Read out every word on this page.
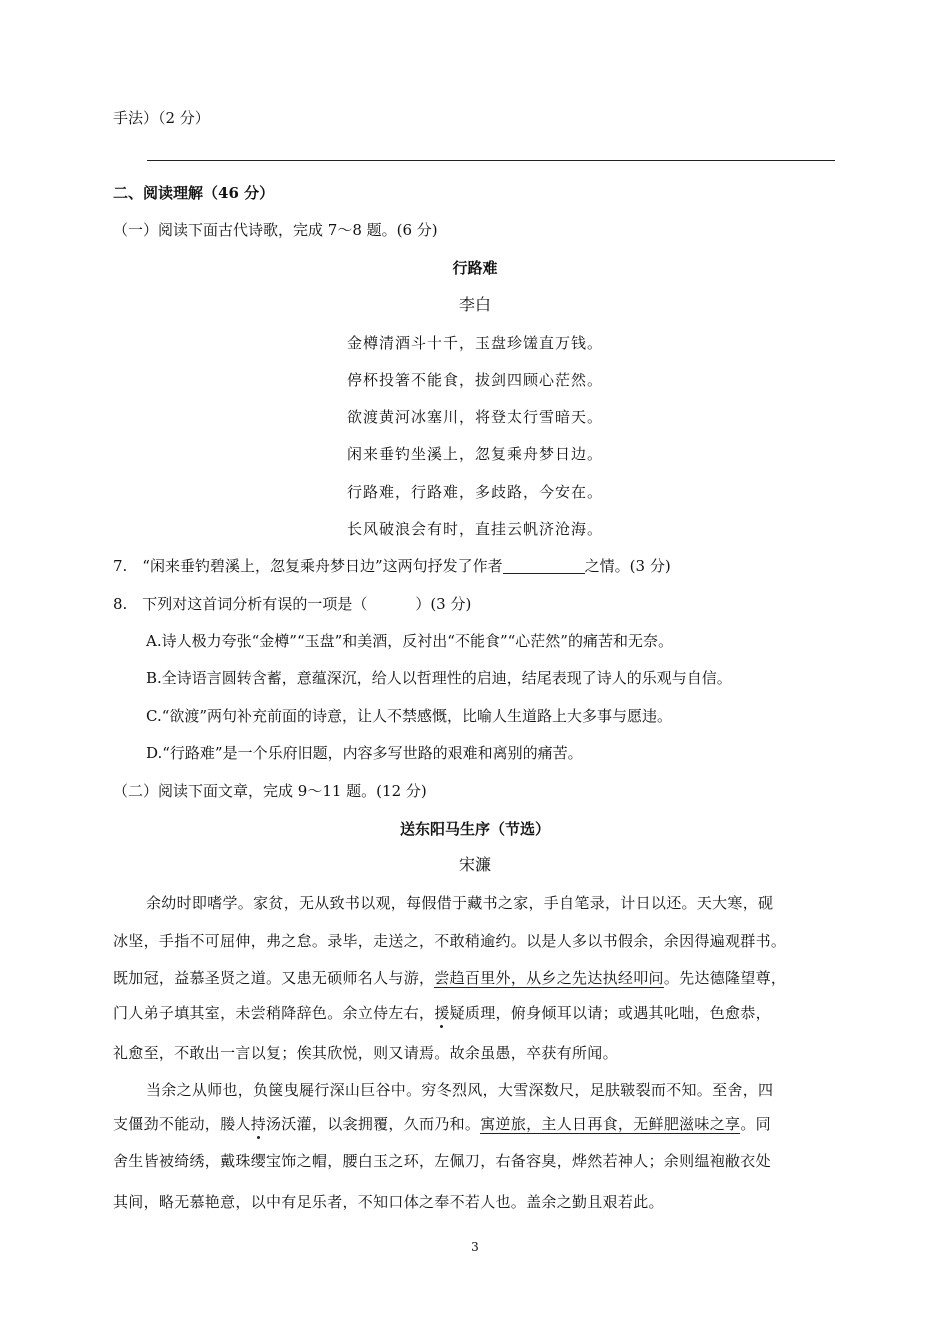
手法）（2 分）
二、阅读理解（46 分）
（一）阅读下面古代诗歌，完成 7～8 题。(6 分)
行路难
李白
金樽清酒斗十千，玉盘珍馐直万钱。
停杯投箸不能食，拔剑四顾心茫然。
欲渡黄河冰塞川，将登太行雪暗天。
闲来垂钓坐溪上，忽复乘舟梦日边。
行路难，行路难，多歧路，今安在。
长风破浪会有时，直挂云帆济沧海。
7.　“闲来垂钓碧溪上，忽复乘舟梦日边”这两句抒发了作者	之情。(3 分)
8.　下列对这首词分析有误的一项是（	）(3 分)
A.诗人极力夸张“金樽”“玉盘”和美酒，反衬出“不能食”“心茫然”的痛苦和无奈。
B.全诗语言圆转含蓄，意蕴深沉，给人以哲理性的启迪，结尾表现了诗人的乐观与自信。
C.“欲渡”两句补充前面的诗意，让人不禁感慨，比喻人生道路上大多事与愿违。
D.“行路难”是一个乐府旧题，内容多写世路的艰难和离别的痛苦。
（二）阅读下面文章，完成 9～11 题。(12 分)
送东阳马生序（节选）
宋濂
余幼时即嗜学。家贫，无从致书以观，每假借于藏书之家，手自笔录，计日以还。天大寒，砚
冰坚，手指不可屈伸，弗之怠。录毕，走送之，不敢稍逾约。以是人多以书假余，余因得遍观群书。
既加冠，益慕圣贤之道。又患无硕师名人与游，尝趋百里外，从乡之先达执经叩问。先达德隆望尊，
门人弟子填其室，未尝稍降辞色。余立侍左右，援疑质理，俯身倾耳以请；或遇其叱咄，色愈恭，
礼愈至，不敢出一言以复；俟其欣悦，则又请焉。故余虽愚，卒获有所闻。
当余之从师也，负箧曳屣行深山巨谷中。穷冬烈风，大雪深数尺，足肤皲裂而不知。至舍，四
支僵劲不能动，媵人持汤沃灌，以衾拥覆，久而乃和。寓逆旅，主人日再食，无鲜肥滋味之享。同
舍生皆被绮绣，戴珠缨宝饰之帽，腰白玉之环，左佩刀，右备容臭，烨然若神人；余则缊袍敝衣处
其间，略无慕艳意，以中有足乐者，不知口体之奉不若人也。盖余之勤且艰若此。
3
